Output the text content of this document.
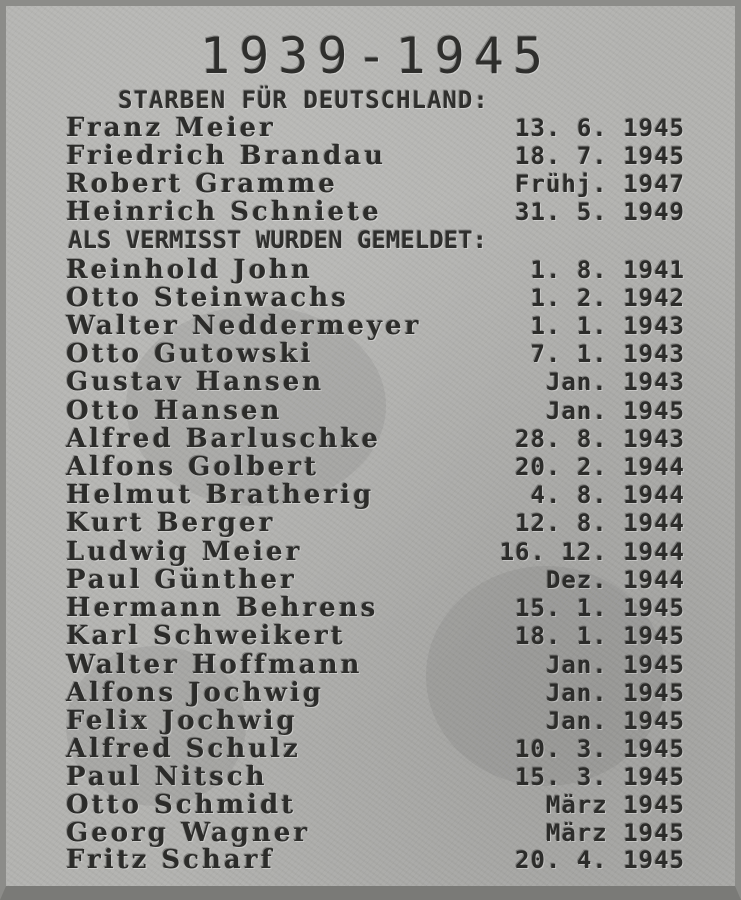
1939-1945
STARBEN FÜR DEUTSCHLAND:
Franz Meier	13. 6. 1945
Friedrich Brandau	18. 7. 1945
Robert Gramme	Frühj. 1947
Heinrich Schniete	31. 5. 1949
ALS VERMISST WURDEN GEMELDET:
Reinhold John	1. 8. 1941
Otto Steinwachs	1. 2. 1942
Walter Neddermeyer	1. 1. 1943
Otto Gutowski	7. 1. 1943
Gustav Hansen	Jan. 1943
Otto Hansen	Jan. 1945
Alfred Barluschke	28. 8. 1943
Alfons Golbert	20. 2. 1944
Helmut Bratherig	4. 8. 1944
Kurt Berger	12. 8. 1944
Ludwig Meier	16. 12. 1944
Paul Günther	Dez. 1944
Hermann Behrens	15. 1. 1945
Karl Schweikert	18. 1. 1945
Walter Hoffmann	Jan. 1945
Alfons Jochwig	Jan. 1945
Felix Jochwig	Jan. 1945
Alfred Schulz	10. 3. 1945
Paul Nitsch	15. 3. 1945
Otto Schmidt	März 1945
Georg Wagner	März 1945
Fritz Scharf	20. 4. 1945
